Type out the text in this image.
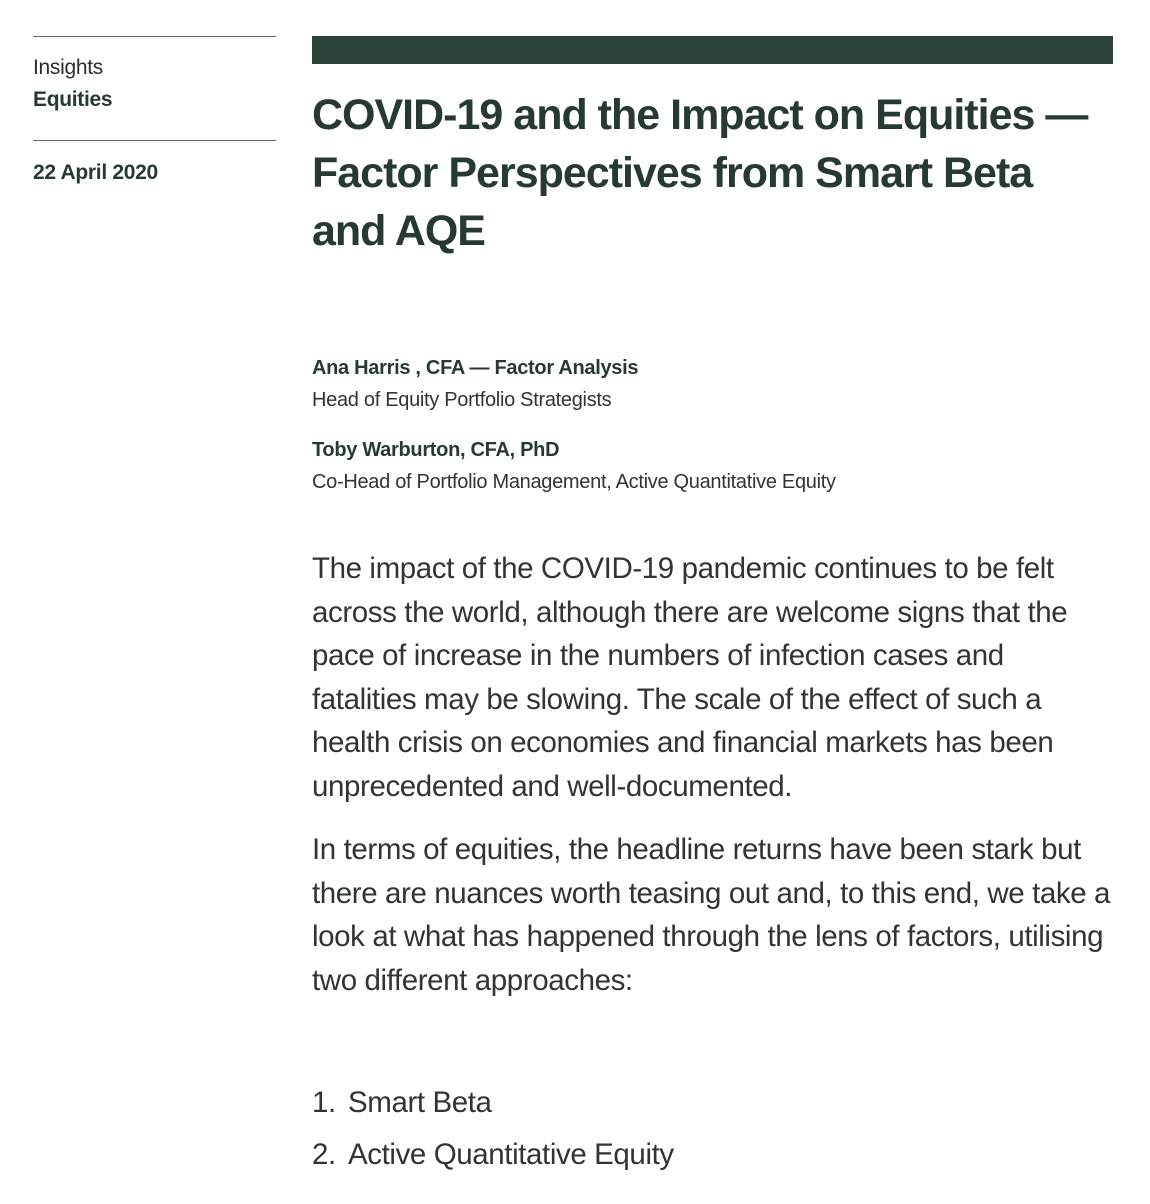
Insights
Equities
22 April 2020
COVID-19 and the Impact on Equities — Factor Perspectives from Smart Beta and AQE
Ana Harris , CFA — Factor Analysis
Head of Equity Portfolio Strategists
Toby Warburton, CFA, PhD
Co-Head of Portfolio Management, Active Quantitative Equity

The impact of the COVID-19 pandemic continues to be felt across the world, although there are welcome signs that the pace of increase in the numbers of infection cases and fatalities may be slowing. The scale of the effect of such a health crisis on economies and financial markets has been unprecedented and well-documented.

In terms of equities, the headline returns have been stark but there are nuances worth teasing out and, to this end, we take a look at what has happened through the lens of factors, utilising two different approaches:

1. Smart Beta
2. Active Quantitative Equity
